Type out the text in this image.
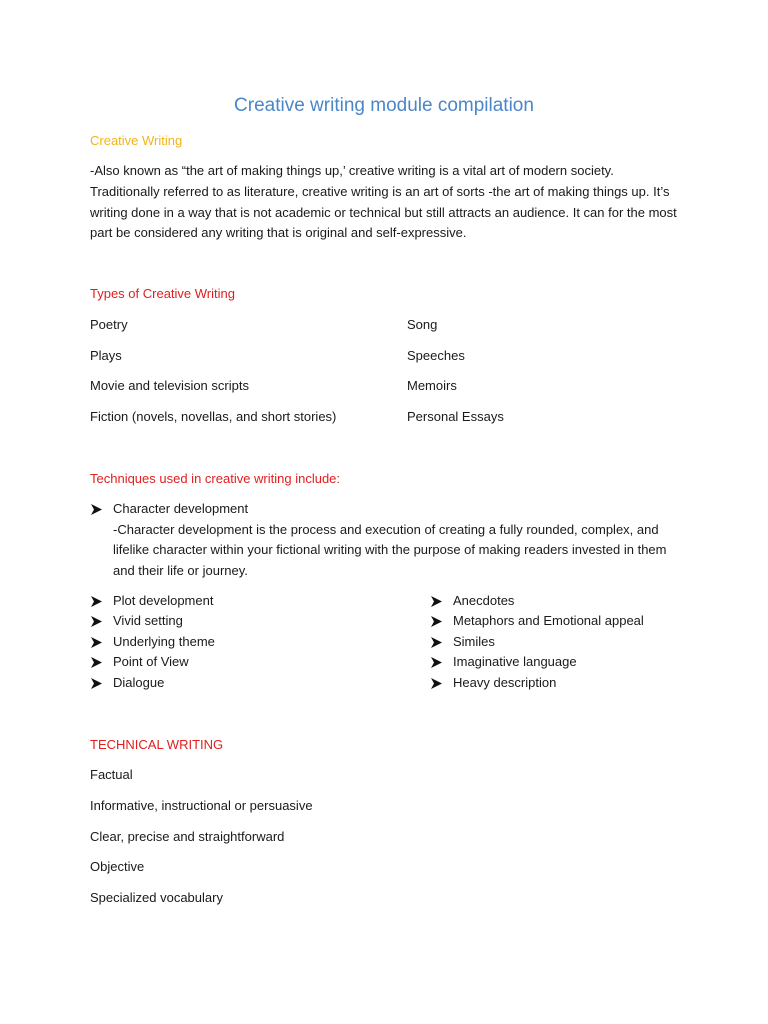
Creative writing module compilation
Creative Writing

-Also known as “the art of making things up,’ creative writing is a vital art of modern society. Traditionally referred to as literature, creative writing is an art of sorts -the art of making things up. It’s writing done in a way that is not academic or technical but still attracts an audience. It can for the most part be considered any writing that is original and self-expressive.

Types of Creative Writing
Poetry	Song
Plays	Speeches
Movie and television scripts	Memoirs
Fiction (novels, novellas, and short stories)	Personal Essays
Techniques used in creative writing include:
Character development
-Character development is the process and execution of creating a fully rounded, complex, and lifelike character within your fictional writing with the purpose of making readers invested in them and their life or journey.
Plot development
Vivid setting
Underlying theme
Point of View
Dialogue
Anecdotes
Metaphors and Emotional appeal
Similes
Imaginative language
Heavy description
TECHNICAL WRITING
Factual
Informative, instructional or persuasive
Clear, precise and straightforward
Objective
Specialized vocabulary
